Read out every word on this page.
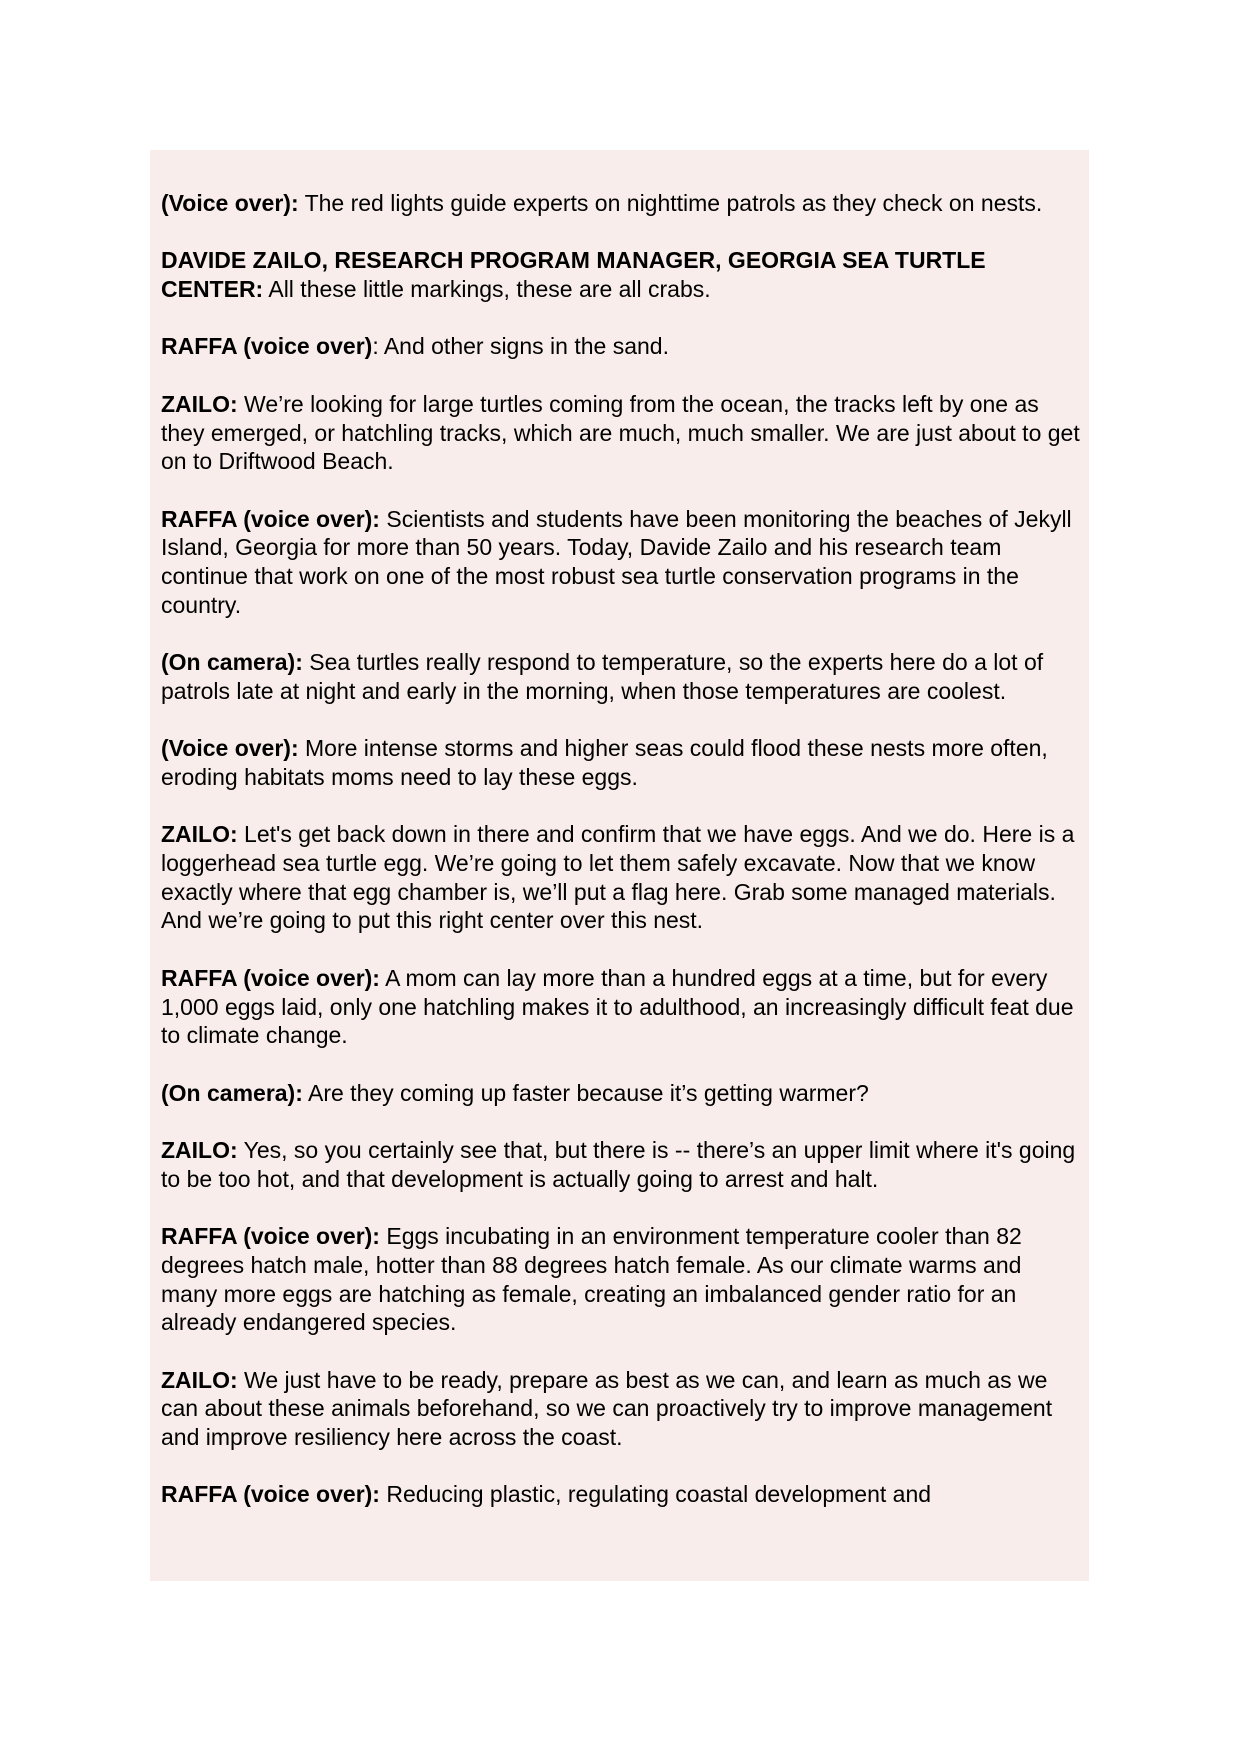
(Voice over): The red lights guide experts on nighttime patrols as they check on nests.

DAVIDE ZAILO, RESEARCH PROGRAM MANAGER, GEORGIA SEA TURTLE CENTER: All these little markings, these are all crabs.

RAFFA (voice over): And other signs in the sand.

ZAILO: We’re looking for large turtles coming from the ocean, the tracks left by one as they emerged, or hatchling tracks, which are much, much smaller. We are just about to get on to Driftwood Beach.

RAFFA (voice over): Scientists and students have been monitoring the beaches of Jekyll Island, Georgia for more than 50 years. Today, Davide Zailo and his research team continue that work on one of the most robust sea turtle conservation programs in the country.

(On camera): Sea turtles really respond to temperature, so the experts here do a lot of patrols late at night and early in the morning, when those temperatures are coolest.

(Voice over): More intense storms and higher seas could flood these nests more often, eroding habitats moms need to lay these eggs.

ZAILO: Let's get back down in there and confirm that we have eggs. And we do. Here is a loggerhead sea turtle egg. We’re going to let them safely excavate. Now that we know exactly where that egg chamber is, we’ll put a flag here. Grab some managed materials. And we’re going to put this right center over this nest.

RAFFA (voice over): A mom can lay more than a hundred eggs at a time, but for every 1,000 eggs laid, only one hatchling makes it to adulthood, an increasingly difficult feat due to climate change.

(On camera): Are they coming up faster because it’s getting warmer?

ZAILO: Yes, so you certainly see that, but there is -- there’s an upper limit where it's going to be too hot, and that development is actually going to arrest and halt.

RAFFA (voice over): Eggs incubating in an environment temperature cooler than 82 degrees hatch male, hotter than 88 degrees hatch female. As our climate warms and many more eggs are hatching as female, creating an imbalanced gender ratio for an already endangered species.

ZAILO: We just have to be ready, prepare as best as we can, and learn as much as we can about these animals beforehand, so we can proactively try to improve management and improve resiliency here across the coast.

RAFFA (voice over): Reducing plastic, regulating coastal development and
